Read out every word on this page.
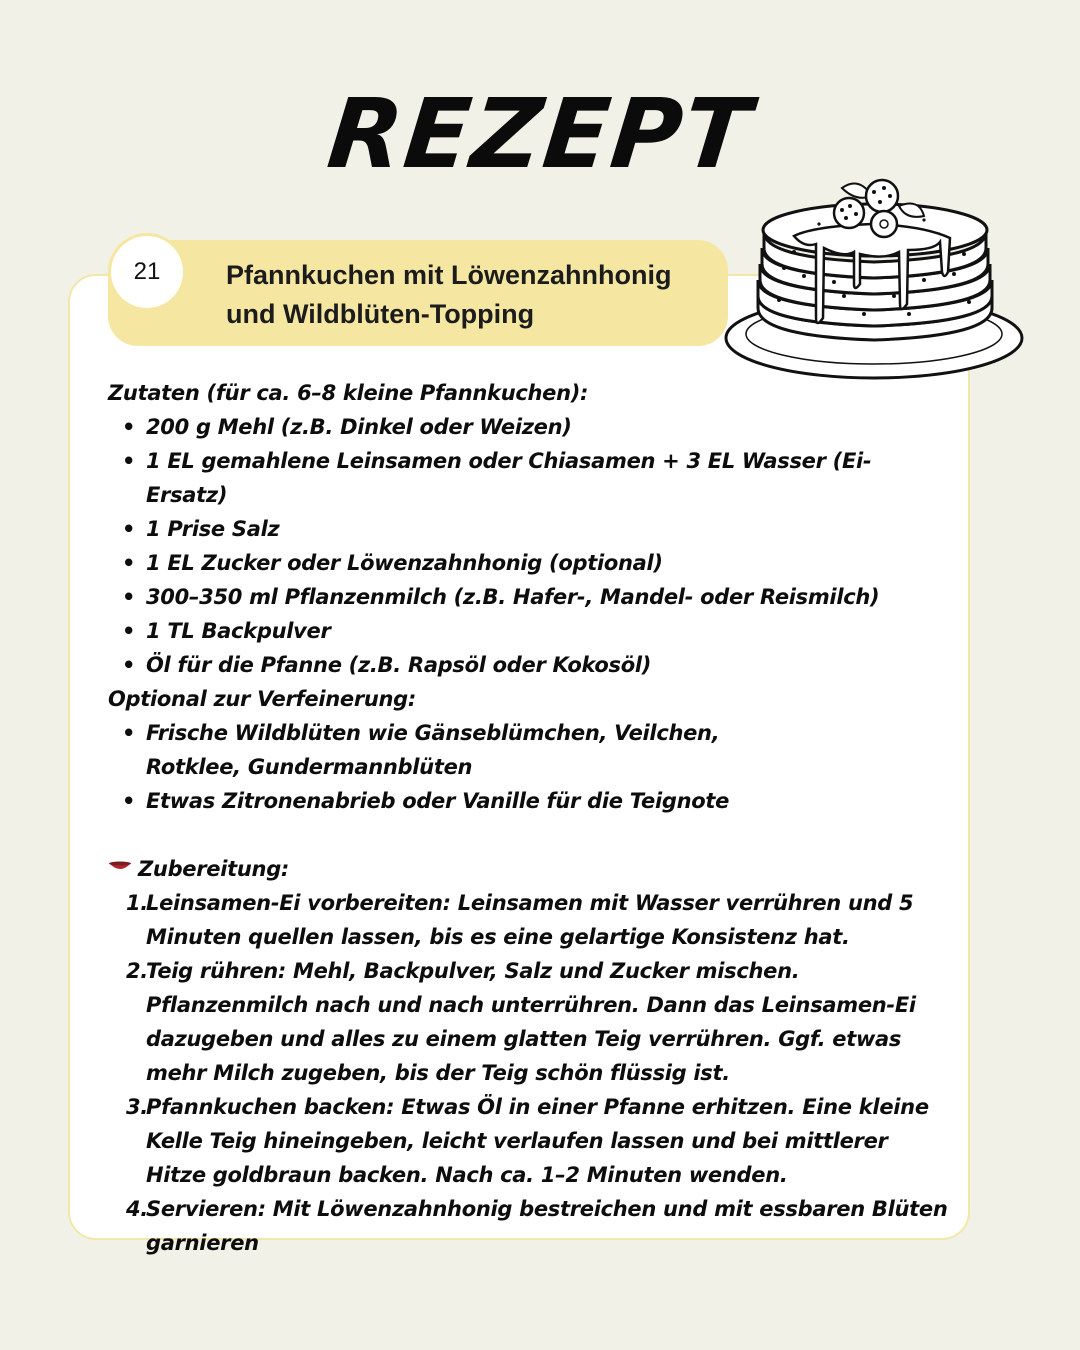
REZEPT
21	Pfannkuchen mit Löwenzahnhonig
und Wildblüten-Topping

Zutaten (für ca. 6–8 kleine Pfannkuchen):

• 200 g Mehl (z.B. Dinkel oder Weizen)
• 1 EL gemahlene Leinsamen oder Chiasamen + 3 EL Wasser (Ei-Ersatz)
• 1 Prise Salz
• 1 EL Zucker oder Löwenzahnhonig (optional)
• 300–350 ml Pflanzenmilch (z.B. Hafer-, Mandel- oder Reismilch)
• 1 TL Backpulver
• Öl für die Pfanne (z.B. Rapsöl oder Kokosöl)

Optional zur Verfeinerung:

• Frische Wildblüten wie Gänseblümchen, Veilchen, Rotklee, Gundermannblüten
• Etwas Zitronenabrieb oder Vanille für die Teignote

Zubereitung:

1.
Leinsamen-Ei vorbereiten: Leinsamen mit Wasser verrühren und 5 Minuten quellen lassen, bis es eine gelartige Konsistenz hat.
2.
Teig rühren: Mehl, Backpulver, Salz und Zucker mischen. Pflanzenmilch nach und nach unterrühren. Dann das Leinsamen-Ei dazugeben und alles zu einem glatten Teig verrühren. Ggf. etwas mehr Milch zugeben, bis der Teig schön flüssig ist.
3.
Pfannkuchen backen: Etwas Öl in einer Pfanne erhitzen. Eine kleine Kelle Teig hineingeben, leicht verlaufen lassen und bei mittlerer Hitze goldbraun backen. Nach ca. 1–2 Minuten wenden.
4.
Servieren: Mit Löwenzahnhonig bestreichen und mit essbaren Blüten garnieren
